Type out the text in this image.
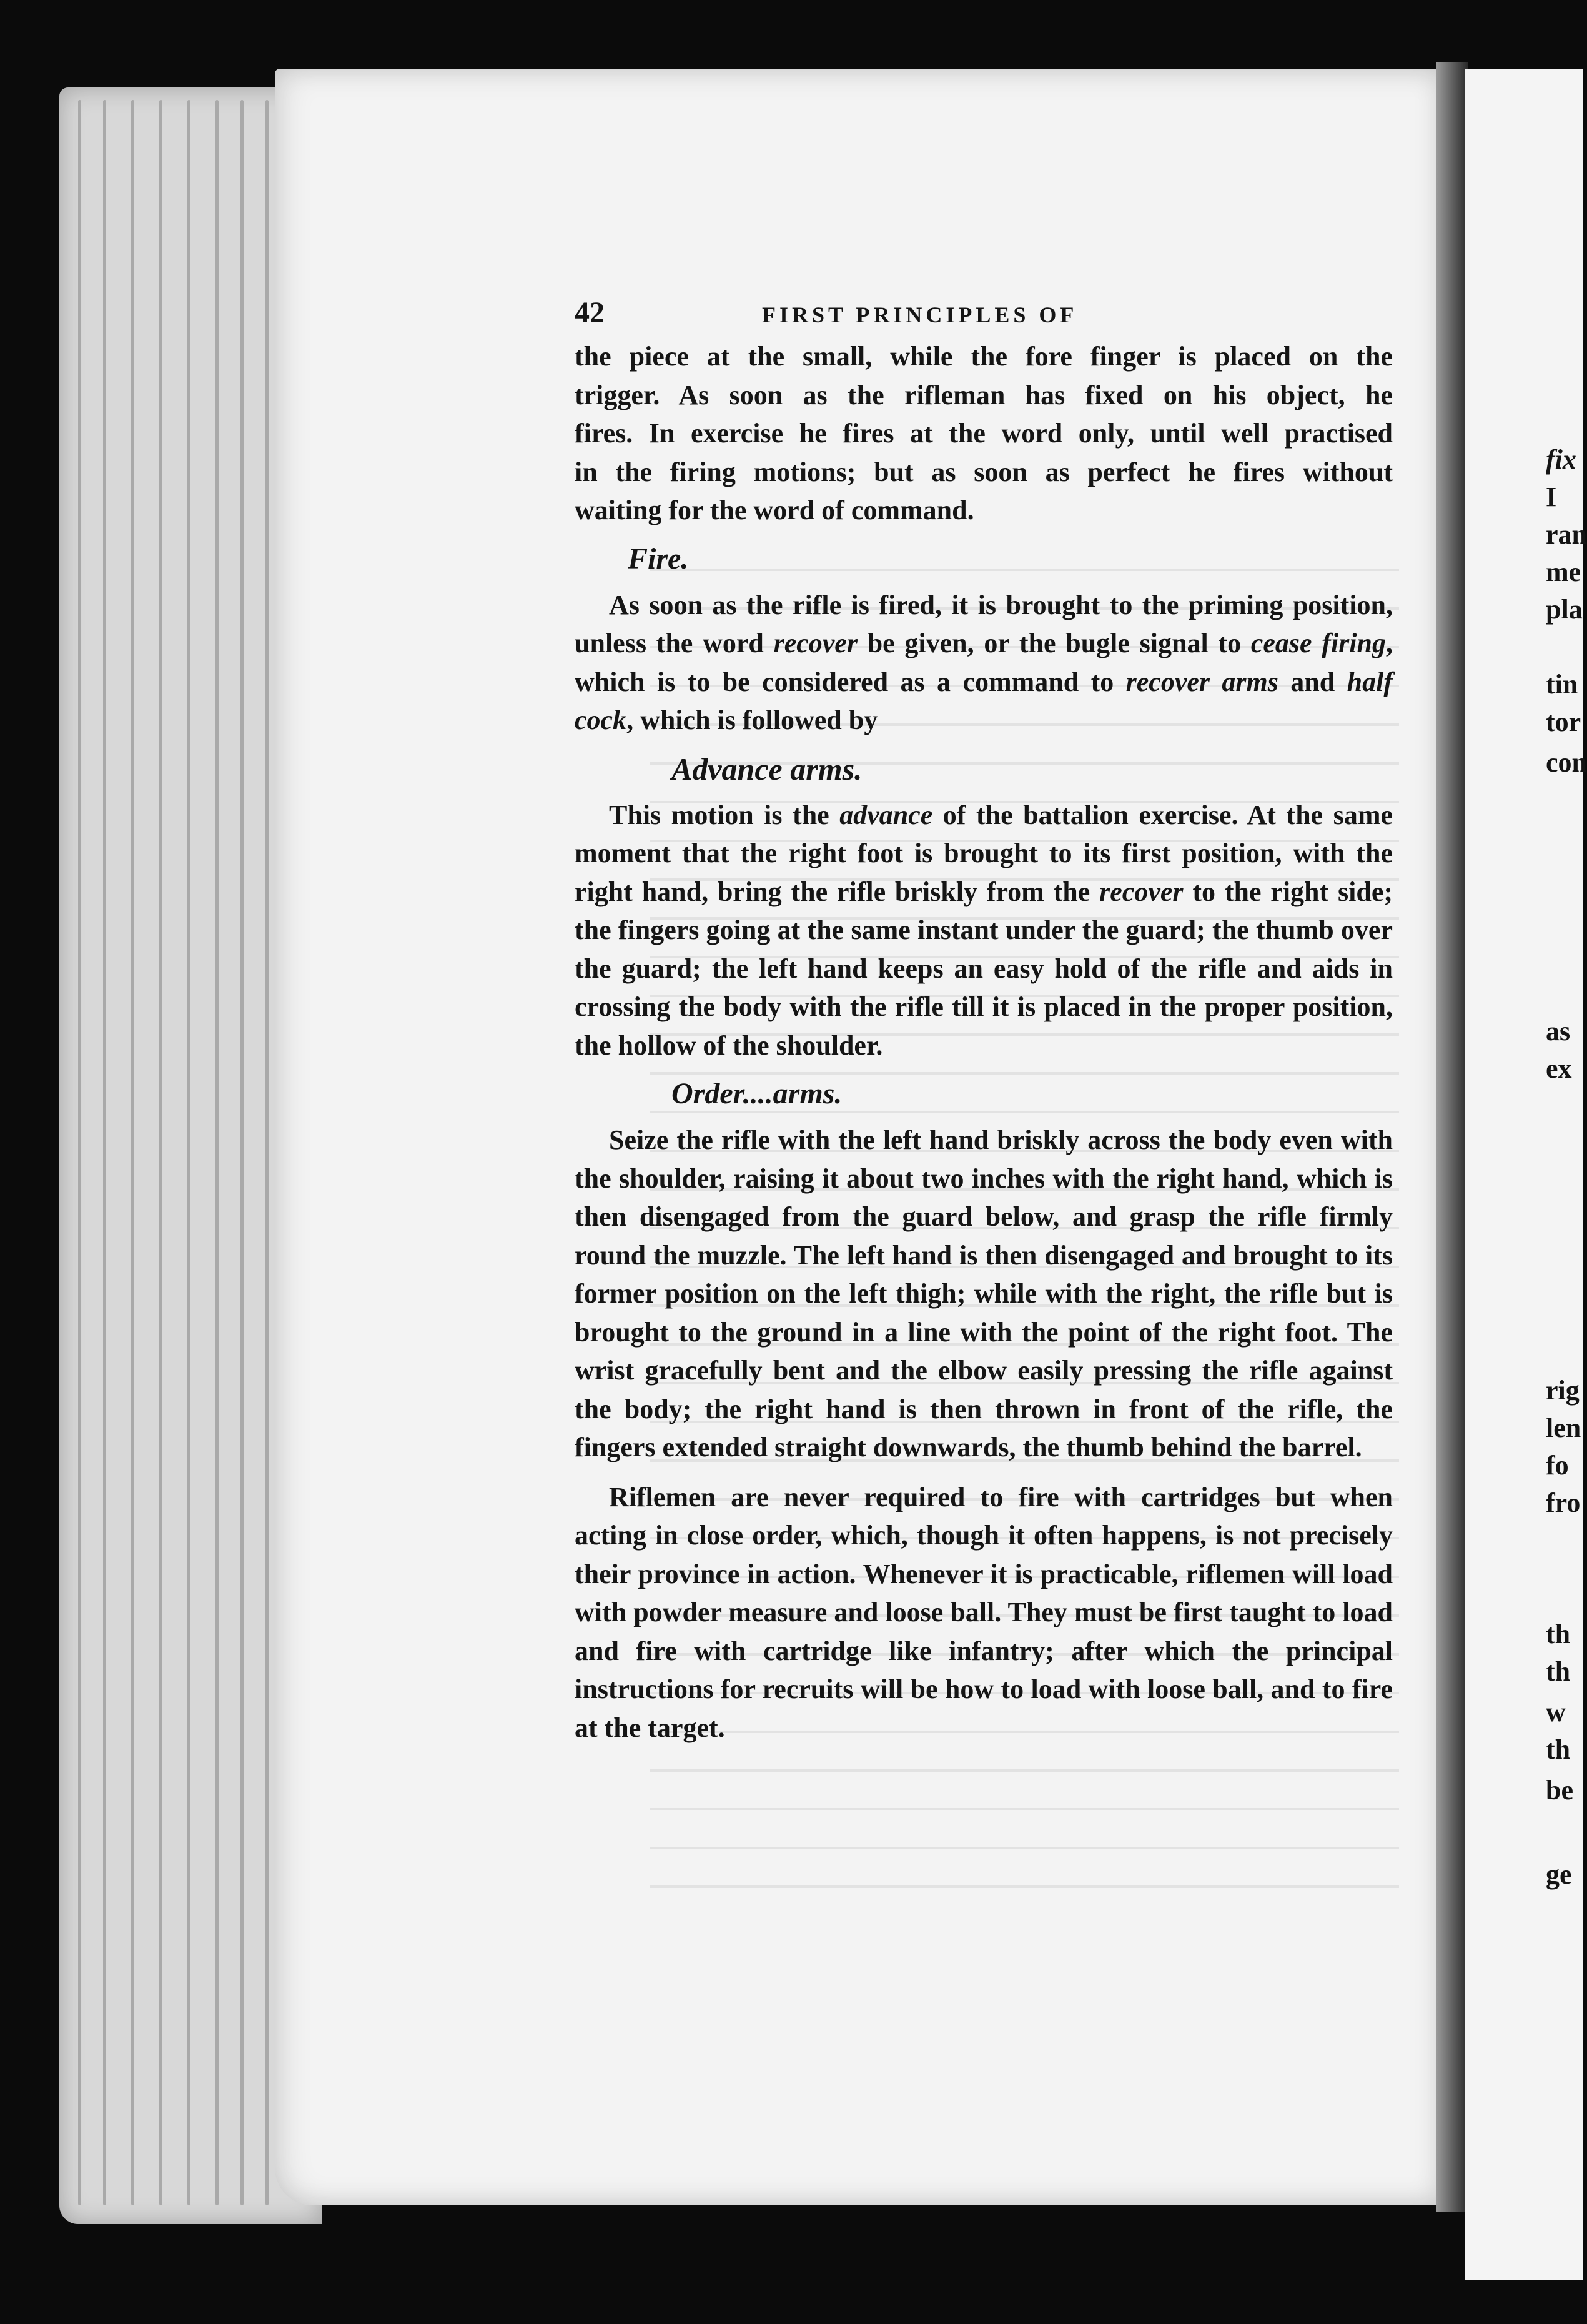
fix
I
ran
me
pla
tin
tor
con
as
ex
rig
len
fo
fro
th
th
w
th
be
ge
42	FIRST PRINCIPLES OF

the piece at the small, while the fore finger is placed on the

trigger. As soon as the rifleman has fixed on his object, he

fires. In exercise he fires at the word only, until well practised

in the firing motions; but as soon as perfect he fires without

waiting for the word of command.

Fire.

As soon as the rifle is fired, it is brought to the priming position, unless the word recover be given, or the bugle signal to cease firing, which is to be considered as a command to recover arms and half cock, which is followed by

Advance arms.

This motion is the advance of the battalion exercise. At the same moment that the right foot is brought to its first position, with the right hand, bring the rifle briskly from the recover to the right side; the fingers going at the same instant under the guard; the thumb over the guard; the left hand keeps an easy hold of the rifle and aids in crossing the body with the rifle till it is placed in the proper position, the hollow of the shoulder.

Order....arms.

Seize the rifle with the left hand briskly across the body even with the shoulder, raising it about two inches with the right hand, which is then disengaged from the guard below, and grasp the rifle firmly round the muzzle. The left hand is then disengaged and brought to its former position on the left thigh; while with the right, the rifle but is brought to the ground in a line with the point of the right foot. The wrist gracefully bent and the elbow easily pressing the rifle against the body; the right hand is then thrown in front of the rifle, the fingers extended straight downwards, the thumb behind the barrel.

Riflemen are never required to fire with cartridges but when acting in close order, which, though it often happens, is not precisely their province in action. Whenever it is practicable, riflemen will load with powder measure and loose ball. They must be first taught to load and fire with cartridge like infantry; after which the principal instructions for recruits will be how to load with loose ball, and to fire at the target.
